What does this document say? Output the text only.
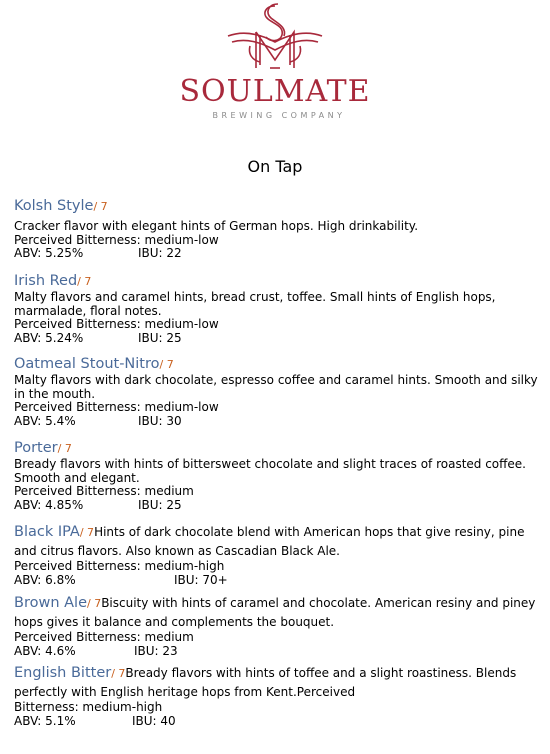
SOULMATE
BREWING COMPANY
On Tap
Kolsh Style/ 7
Cracker flavor with elegant hints of German hops. High drinkability.
Perceived Bitterness: medium-low
ABV: 5.25%	IBU: 22
Irish Red/ 7
Malty flavors and caramel hints, bread crust, toffee. Small hints of English hops, marmalade, floral notes.
Perceived Bitterness: medium-low
ABV: 5.24%	IBU: 25
Oatmeal Stout-Nitro/ 7
Malty flavors with dark chocolate, espresso coffee and caramel hints. Smooth and silky in the mouth.
Perceived Bitterness: medium-low
ABV: 5.4%	IBU: 30
Porter/ 7
Bready flavors with hints of bittersweet chocolate and slight traces of roasted coffee. Smooth and elegant.
Perceived Bitterness: medium
ABV: 4.85%	IBU: 25
Black IPA/ 7Hints of dark chocolate blend with American hops that give resiny, pine and citrus flavors. Also known as Cascadian Black Ale.
Perceived Bitterness: medium-high
ABV: 6.8%	IBU: 70+
Brown Ale/ 7Biscuity with hints of caramel and chocolate. American resiny and piney hops gives it balance and complements the bouquet.
Perceived Bitterness: medium
ABV: 4.6%	IBU: 23
English Bitter/ 7Bready flavors with hints of toffee and a slight roastiness. Blends perfectly with English heritage hops from Kent.Perceived
Bitterness: medium-high
ABV: 5.1%	IBU: 40
